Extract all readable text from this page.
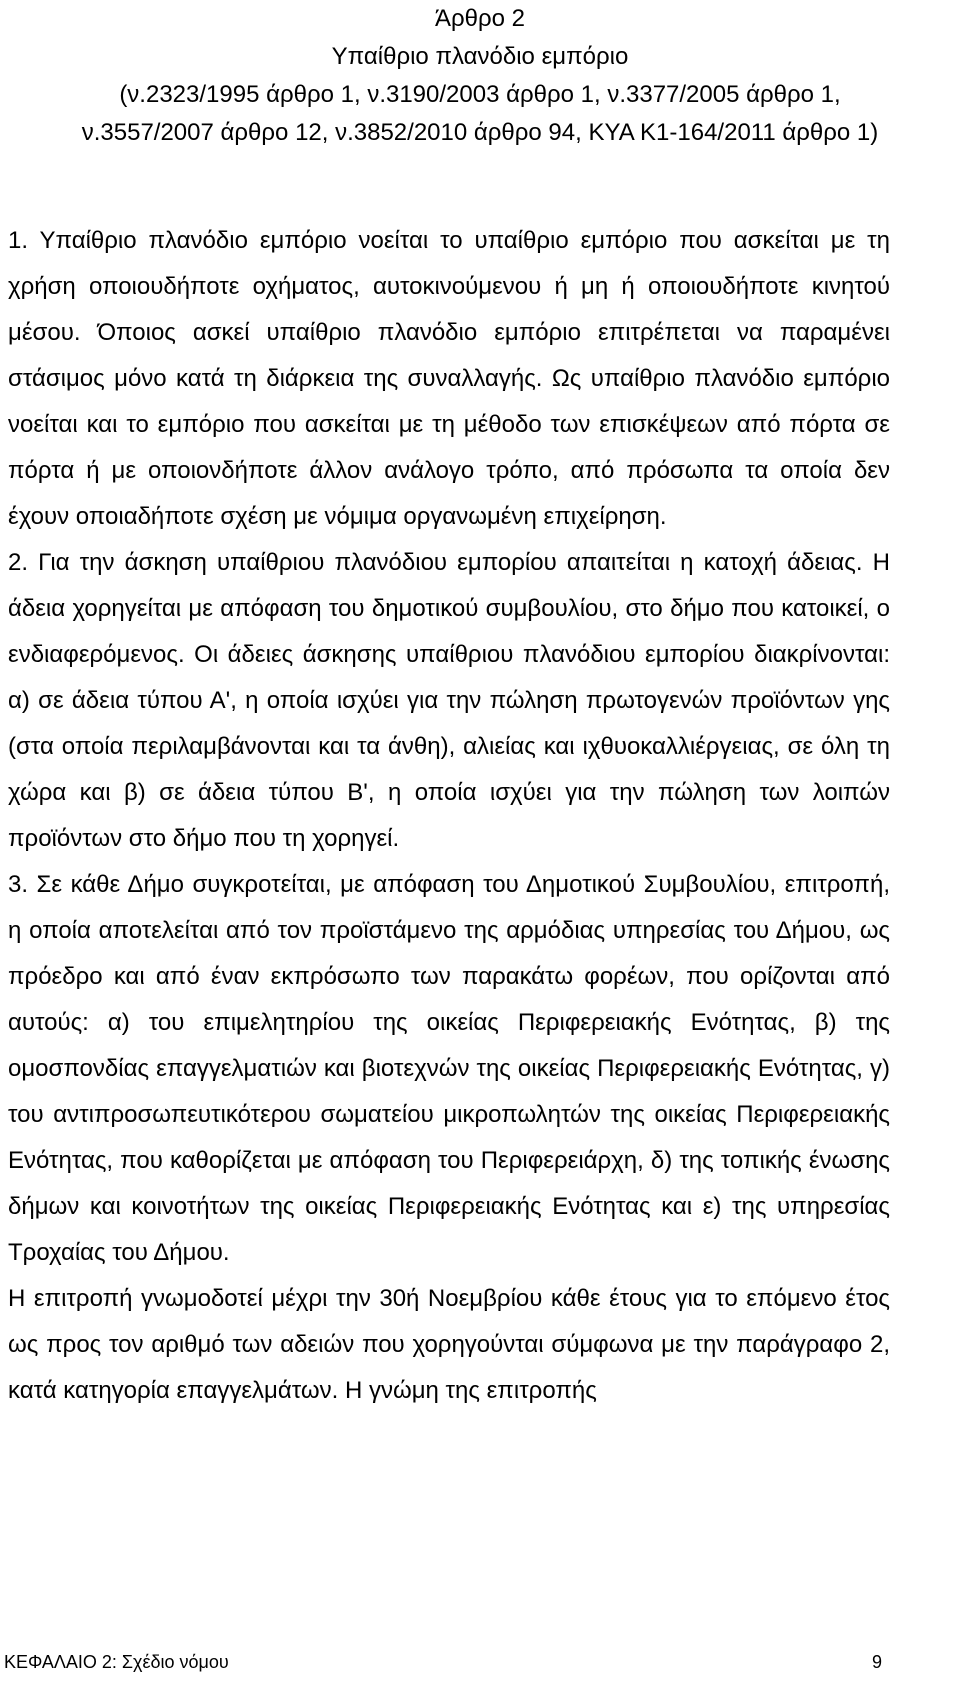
Άρθρο 2
Υπαίθριο πλανόδιο εμπόριο
(ν.2323/1995 άρθρο 1, ν.3190/2003 άρθρο 1, ν.3377/2005 άρθρο 1,
ν.3557/2007 άρθρο 12, ν.3852/2010 άρθρο 94, ΚΥΑ Κ1-164/2011 άρθρο 1)

1. Υπαίθριο πλανόδιο εμπόριο νοείται το υπαίθριο εμπόριο που ασκείται με τη χρήση οποιουδήποτε οχήματος, αυτοκινούμενου ή μη ή οποιουδήποτε κινητού μέσου. Όποιος ασκεί υπαίθριο πλανόδιο εμπόριο επιτρέπεται να παραμένει στάσιμος μόνο κατά τη διάρκεια της συναλλαγής. Ως υπαίθριο πλανόδιο εμπόριο νοείται και το εμπόριο που ασκείται με τη μέθοδο των επισκέψεων από πόρτα σε πόρτα ή με οποιονδήποτε άλλον ανάλογο τρόπο, από πρόσωπα τα οποία δεν έχουν οποιαδήποτε σχέση με νόμιμα οργανωμένη επιχείρηση.

2. Για την άσκηση υπαίθριου πλανόδιου εμπορίου απαιτείται η κατοχή άδειας. Η άδεια χορηγείται με απόφαση του δημοτικού συμβουλίου, στο δήμο που κατοικεί, ο ενδιαφερόμενος. Οι άδειες άσκησης υπαίθριου πλανόδιου εμπορίου διακρίνονται: α) σε άδεια τύπου Α', η οποία ισχύει για την πώληση πρωτογενών προϊόντων γης (στα οποία περιλαμβάνονται και τα άνθη), αλιείας και ιχθυοκαλλιέργειας, σε όλη τη χώρα και β) σε άδεια τύπου Β', η οποία ισχύει για την πώληση των λοιπών προϊόντων στο δήμο που τη χορηγεί.

3. Σε κάθε Δήμο συγκροτείται, με απόφαση του Δημοτικού Συμβουλίου, επιτροπή, η οποία αποτελείται από τον προϊστάμενο της αρμόδιας υπηρεσίας του Δήμου, ως πρόεδρο και από έναν εκπρόσωπο των παρακάτω φορέων, που ορίζονται από αυτούς: α) του επιμελητηρίου της οικείας Περιφερειακής Ενότητας, β) της ομοσπονδίας επαγγελματιών και βιοτεχνών της οικείας Περιφερειακής Ενότητας, γ) του αντιπροσωπευτικότερου σωματείου μικροπωλητών της οικείας Περιφερειακής Ενότητας, που καθορίζεται με απόφαση του Περιφερειάρχη, δ) της τοπικής ένωσης δήμων και κοινοτήτων της οικείας Περιφερειακής Ενότητας και ε) της υπηρεσίας Τροχαίας του Δήμου.

Η επιτροπή γνωμοδοτεί μέχρι την 30ή Νοεμβρίου κάθε έτους για το επόμενο έτος ως προς τον αριθμό των αδειών που χορηγούνται σύμφωνα με την παράγραφο 2, κατά κατηγορία επαγγελμάτων. Η γνώμη της επιτροπής

ΚΕΦΑΛΑΙΟ 2: Σχέδιο νόμου	9
